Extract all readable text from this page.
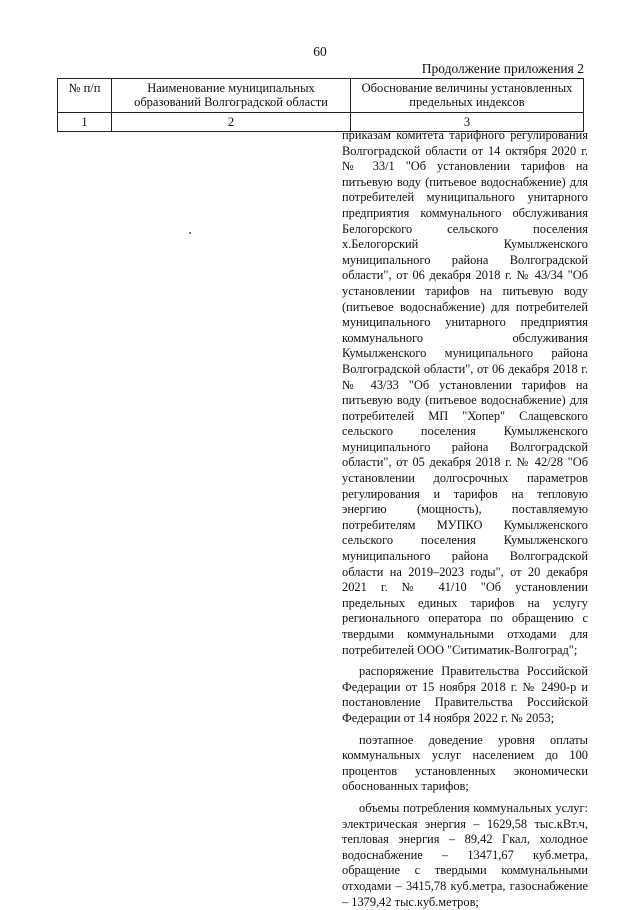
60
Продолжение приложения 2
№ п/п	Наименование муниципальных образований Волгоградской области	Обоснование величины установленных предельных индексов
1	2	3

приказам комитета тарифного регулирования Волгоградской области от 14 октября 2020 г. № 33/1 "Об установлении тарифов на питьевую воду (питьевое водоснабжение) для потребителей муниципального унитарного предприятия коммунального обслуживания Белогорского сельского поселения х.Белогорский Кумылженского муниципального района Волгоградской области", от 06 декабря 2018 г. № 43/34 "Об установлении тарифов на питьевую воду (питьевое водоснабжение) для потребителей муниципального унитарного предприятия коммунального обслуживания Кумылженского муниципального района Волгоградской области", от 06 декабря 2018 г. № 43/33 "Об установлении тарифов на питьевую воду (питьевое водоснабжение) для потребителей МП "Хопер" Слащевского сельского поселения Кумылженского муниципального района Волгоградской области", от 05 декабря 2018 г. № 42/28 "Об установлении долгосрочных параметров регулирования и тарифов на тепловую энергию (мощность), поставляемую потребителям МУПКО Кумылженского сельского поселения Кумылженского муниципального района Волгоградской области на 2019–2023 годы", от 20 декабря 2021 г. № 41/10 "Об установлении предельных единых тарифов на услугу регионального оператора по обращению с твердыми коммунальными отходами для потребителей ООО "Ситиматик-Волгоград";

распоряжение Правительства Российской Федерации от 15 ноября 2018 г. № 2490-р и постановление Правительства Российской Федерации от 14 ноября 2022 г. № 2053;

поэтапное доведение уровня оплаты коммунальных услуг населением до 100 процентов установленных экономически обоснованных тарифов;

объемы потребления коммунальных услуг: электрическая энергия – 1629,58 тыс.кВт.ч, тепловая энергия – 89,42 Гкал, холодное водоснабжение – 13471,67 куб.метра, обращение с твердыми коммунальными отходами – 3415,78 куб.метра, газоснабжение – 1379,42 тыс.куб.метров;
